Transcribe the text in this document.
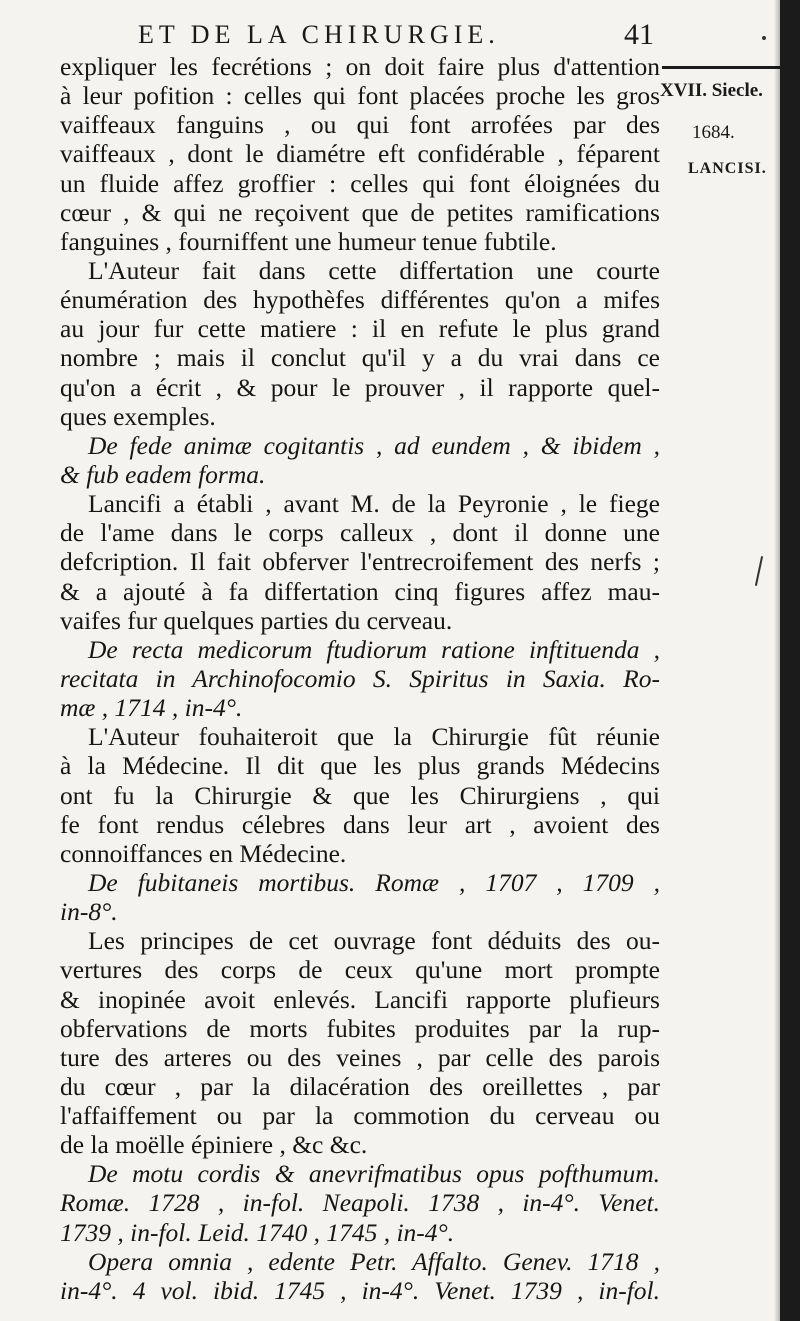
ET DE LA CHIRURGIE.	41
XVII. Siecle.
1684.
LANCISI.
expliquer les fecrétions ; on doit faire plus d'attention
à leur pofition : celles qui font placées proche les gros
vaiffeaux fanguins , ou qui font arrofées par des
vaiffeaux , dont le diamétre eft confidérable , féparent
un fluide affez groffier : celles qui font éloignées du
cœur , & qui ne reçoivent que de petites ramifications
fanguines , fourniffent une humeur tenue fubtile.
L'Auteur fait dans cette differtation une courte
énumération des hypothèfes différentes qu'on a mifes
au jour fur cette matiere : il en refute le plus grand
nombre ; mais il conclut qu'il y a du vrai dans ce
qu'on a écrit , & pour le prouver , il rapporte quel-
ques exemples.
De fede animæ cogitantis , ad eundem , & ibidem ,
& fub eadem forma.
Lancifi a établi , avant M. de la Peyronie , le fiege
de l'ame dans le corps calleux , dont il donne une
defcription. Il fait obferver l'entrecroifement des nerfs ;
& a ajouté à fa differtation cinq figures affez mau-
vaifes fur quelques parties du cerveau.
De recta medicorum ftudiorum ratione inftituenda ,
recitata in Archinofocomio S. Spiritus in Saxia. Ro-
mæ , 1714 , in-4°.
L'Auteur fouhaiteroit que la Chirurgie fût réunie
à la Médecine. Il dit que les plus grands Médecins
ont fu la Chirurgie & que les Chirurgiens , qui
fe font rendus célebres dans leur art , avoient des
connoiffances en Médecine.
De fubitaneis mortibus. Romæ , 1707 , 1709 ,
in-8°.
Les principes de cet ouvrage font déduits des ou-
vertures des corps de ceux qu'une mort prompte
& inopinée avoit enlevés. Lancifi rapporte plufieurs
obfervations de morts fubites produites par la rup-
ture des arteres ou des veines , par celle des parois
du cœur , par la dilacération des oreillettes , par
l'affaiffement ou par la commotion du cerveau ou
de la moëlle épiniere , &c &c.
De motu cordis & anevrifmatibus opus pofthumum.
Romæ. 1728 , in-fol. Neapoli. 1738 , in-4°. Venet.
1739 , in-fol. Leid. 1740 , 1745 , in-4°.
Opera omnia , edente Petr. Affalto. Genev. 1718 ,
in-4°. 4 vol. ibid. 1745 , in-4°. Venet. 1739 , in-fol.
